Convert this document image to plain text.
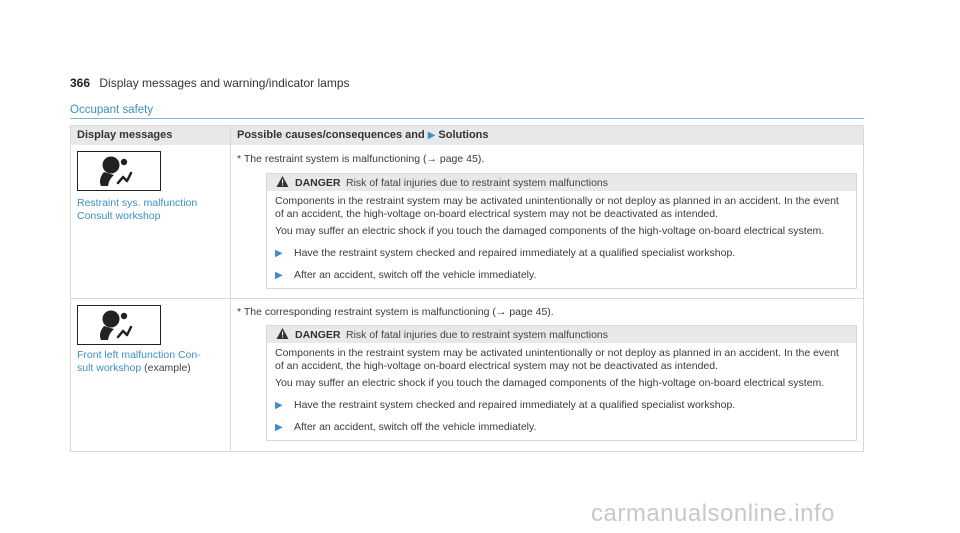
366 Display messages and warning/indicator lamps
Occupant safety
Display messages	Possible causes/consequences and ▶ Solutions
Restraint sys. malfunction
Consult workshop
* The restraint system is malfunctioning (→ page 45).
DANGER Risk of fatal injuries due to restraint system malfunctions

Components in the restraint system may be activated unintentionally or not deploy as planned in an accident. In the event of an accident, the high-voltage on-board electrical system may not be deactivated as intended.

You may suffer an electric shock if you touch the damaged components of the high-voltage on-board electrical system.

▶ Have the restraint system checked and repaired immediately at a qualified specialist workshop.
▶ After an accident, switch off the vehicle immediately.
Front left malfunction Con-
sult workshop (example)
* The corresponding restraint system is malfunctioning (→ page 45).
DANGER Risk of fatal injuries due to restraint system malfunctions

Components in the restraint system may be activated unintentionally or not deploy as planned in an accident. In the event of an accident, the high-voltage on-board electrical system may not be deactivated as intended.

You may suffer an electric shock if you touch the damaged components of the high-voltage on-board electrical system.

▶ Have the restraint system checked and repaired immediately at a qualified specialist workshop.
▶ After an accident, switch off the vehicle immediately.
carmanualsonline.info
